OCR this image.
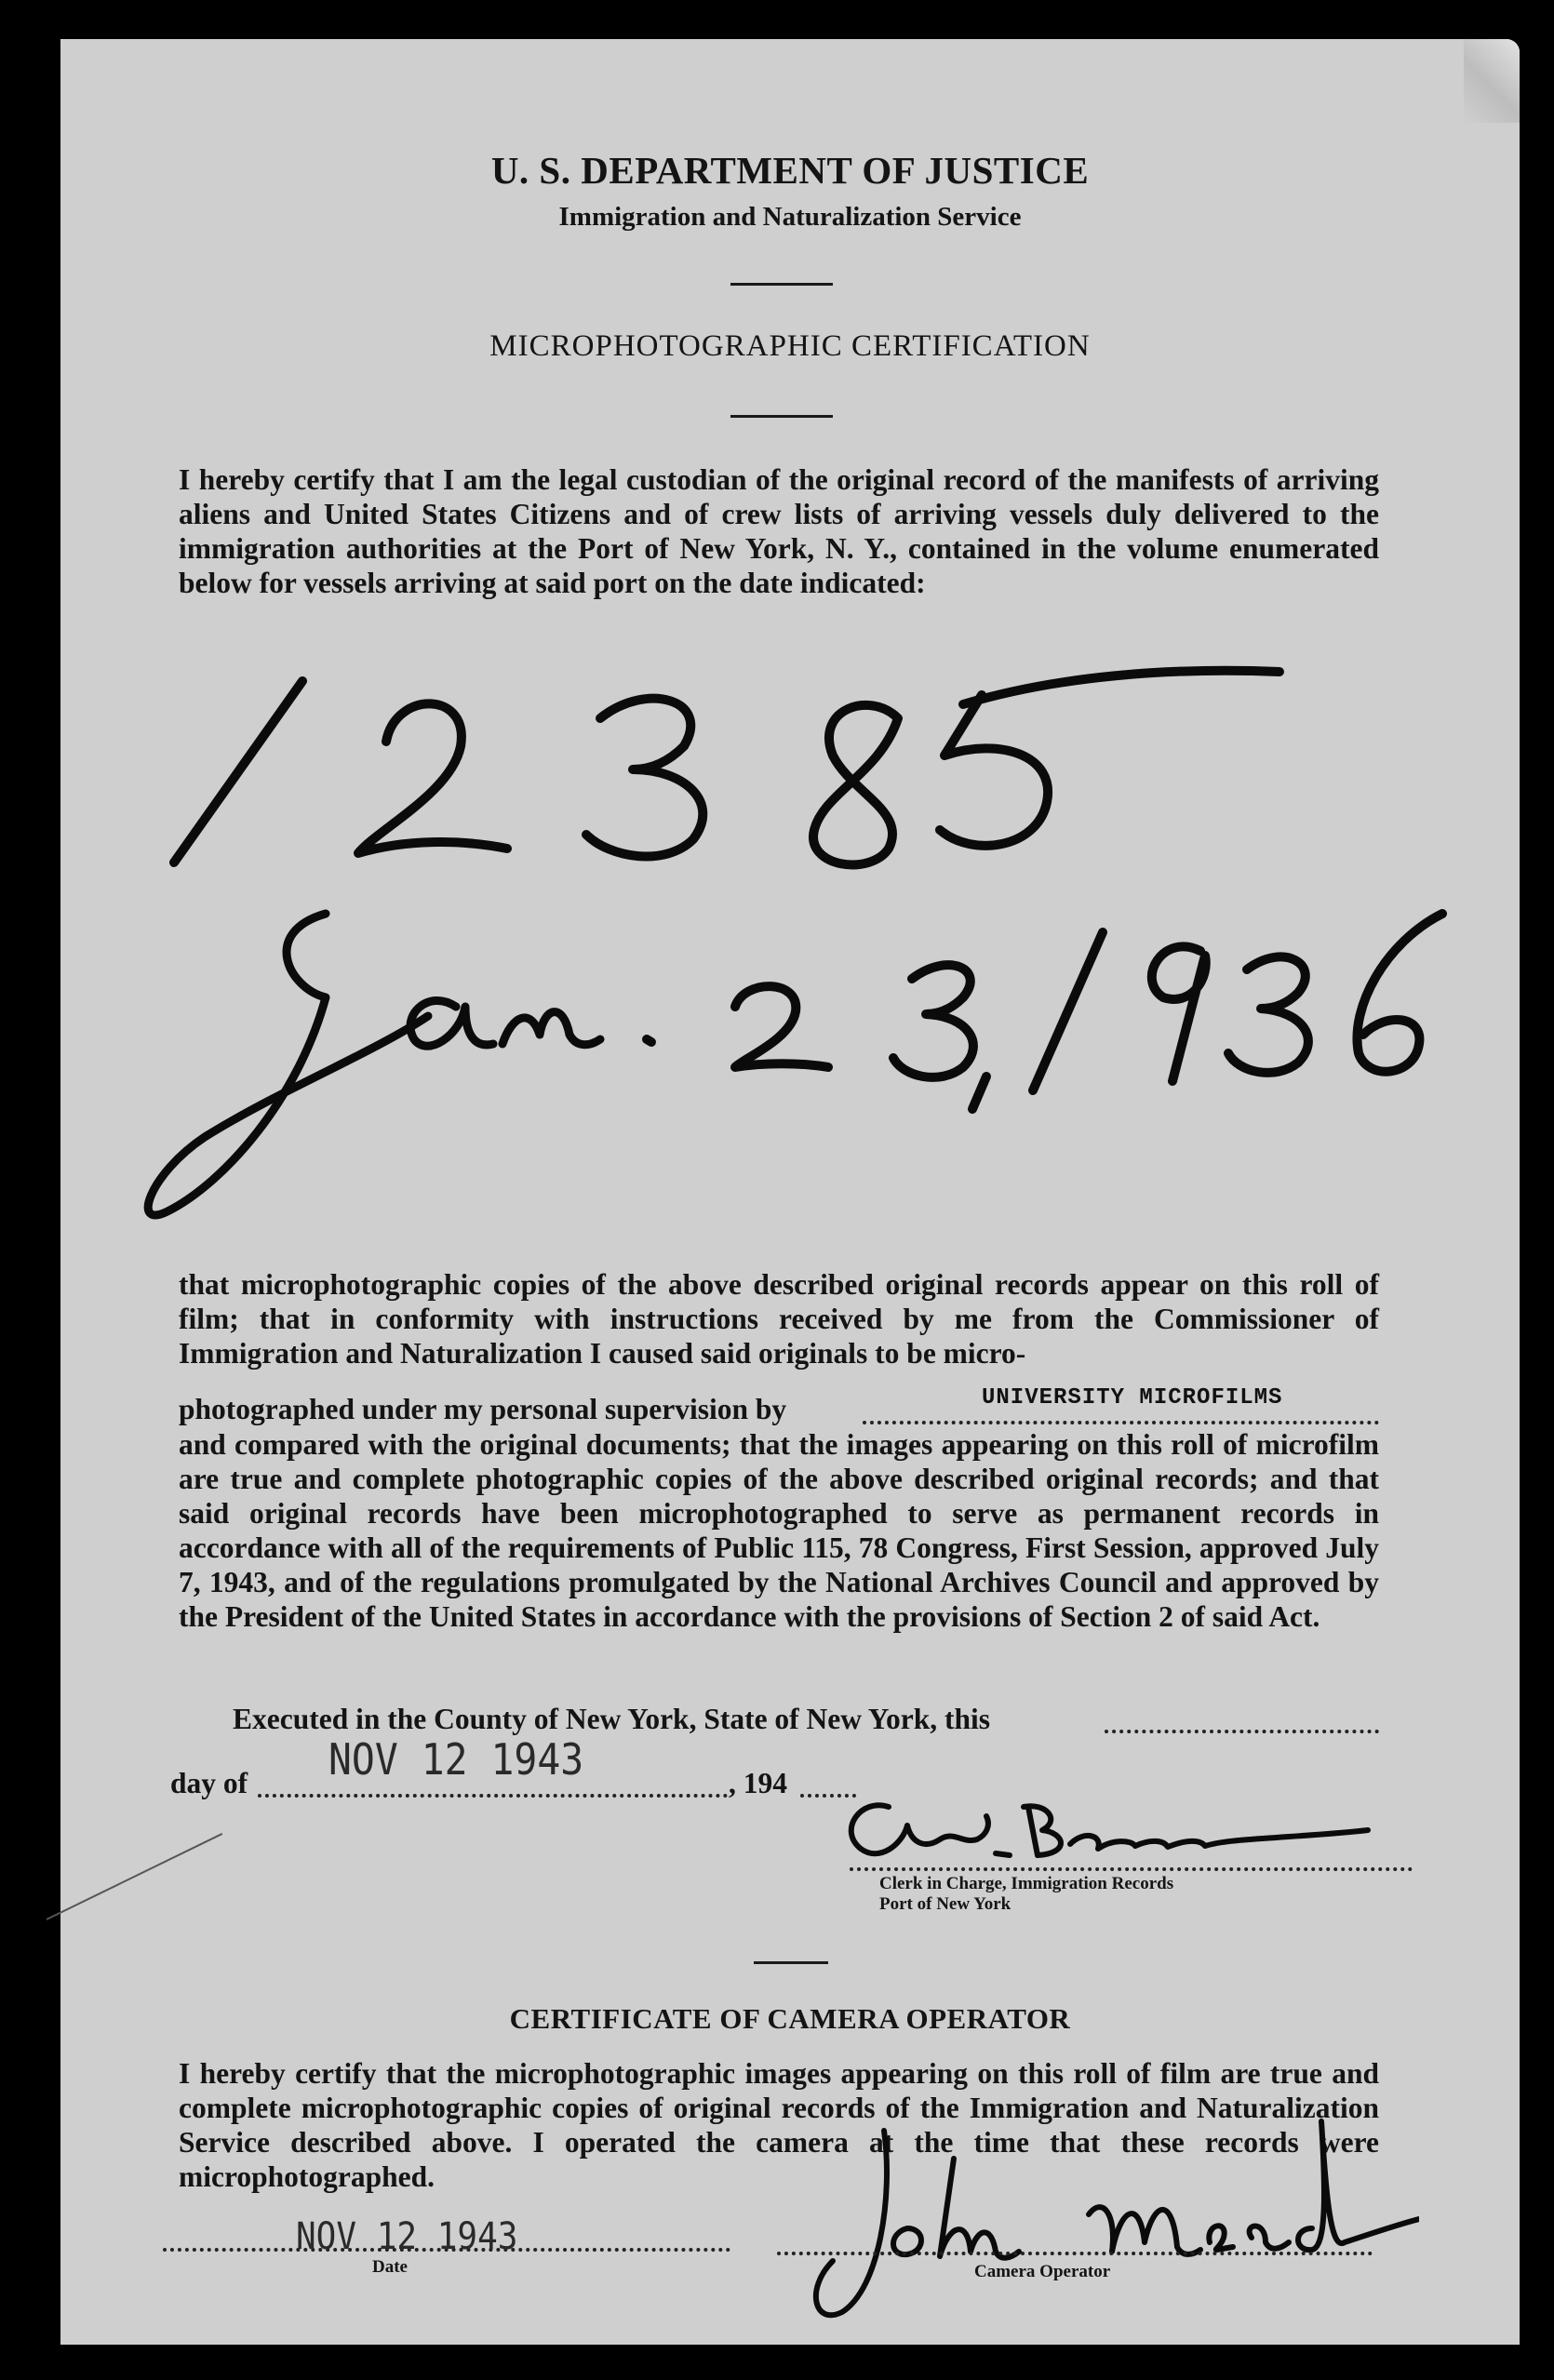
U. S. DEPARTMENT OF JUSTICE
Immigration and Naturalization Service
MICROPHOTOGRAPHIC CERTIFICATION

I hereby certify that I am the legal custodian of the original record of the manifests of arriving aliens and United States Citizens and of crew lists of arriving vessels duly delivered to the immigration authorities at the Port of New York, N. Y., contained in the volume enumerated below for vessels arriving at said port on the date indicated:

that microphotographic copies of the above described original records appear on this roll of film; that in conformity with instructions received by me from the Commissioner of Immigration and Naturalization I caused said originals to be micro-

photographed under my personal supervision by	UNIVERSITY MICROFILMS

and compared with the original documents; that the images appearing on this roll of microfilm are true and complete photographic copies of the above described original records; and that said original records have been microphotographed to serve as permanent records in accordance with all of the requirements of Public 115, 78 Congress, First Session, approved July 7, 1943, and of the regulations promulgated by the National Archives Council and approved by the President of the United States in accordance with the provisions of Section 2 of said Act.

Executed in the County of New York, State of New York, this
day of	, 194
NOV 12 1943
Clerk in Charge, Immigration Records
Port of New York
CERTIFICATE OF CAMERA OPERATOR

I hereby certify that the microphotographic images appearing on this roll of film are true and complete microphotographic copies of original records of the Immigration and Naturalization Service described above. I operated the camera at the time that these records were microphotographed.

NOV 12 1943
Date	Camera Operator
